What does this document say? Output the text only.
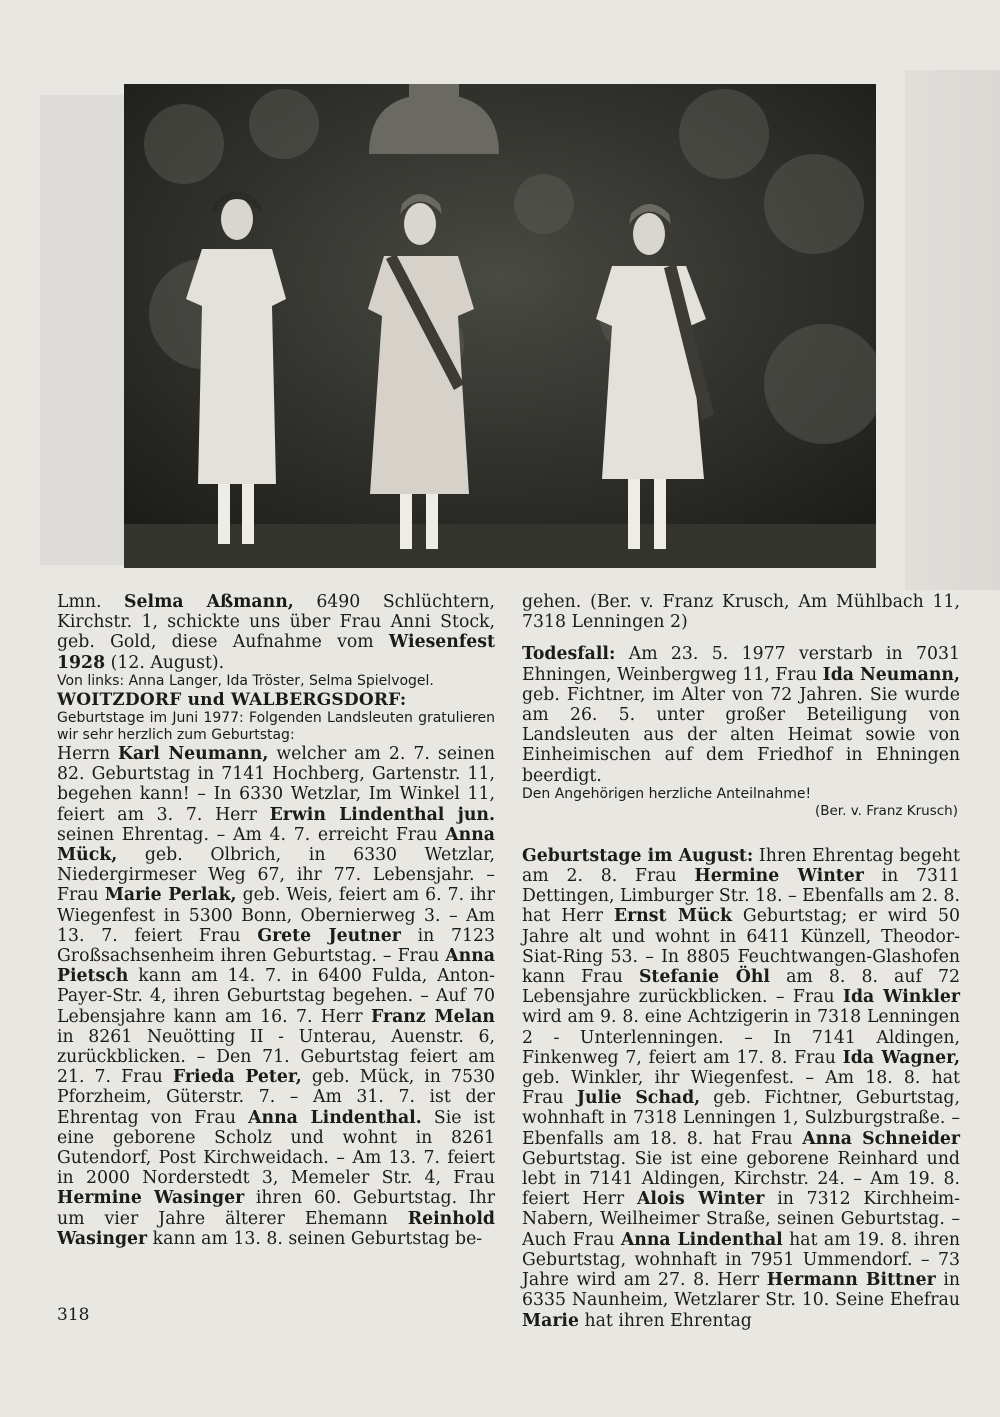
Lmn. Selma Aßmann, 6490 Schlüchtern, Kirchstr. 1, schickte uns über Frau Anni Stock, geb. Gold, diese Aufnahme vom Wiesenfest 1928 (12. August).

Von links: Anna Langer, Ida Tröster, Selma Spielvogel.

WOITZDORF und WALBERGSDORF:

Geburtstage im Juni 1977: Folgenden Landsleuten gratulieren wir sehr herzlich zum Geburtstag:

Herrn Karl Neumann, welcher am 2. 7. seinen 82. Geburtstag in 7141 Hochberg, Gartenstr. 11, begehen kann! – In 6330 Wetzlar, Im Winkel 11, feiert am 3. 7. Herr Erwin Lindenthal jun. seinen Ehrentag. – Am 4. 7. erreicht Frau Anna Mück, geb. Olbrich, in 6330 Wetzlar, Niedergirmeser Weg 67, ihr 77. Lebensjahr. – Frau Marie Perlak, geb. Weis, feiert am 6. 7. ihr Wiegenfest in 5300 Bonn, Obernierweg 3. – Am 13. 7. feiert Frau Grete Jeutner in 7123 Großsachsenheim ihren Geburtstag. – Frau Anna Pietsch kann am 14. 7. in 6400 Fulda, Anton-Payer-Str. 4, ihren Geburtstag begehen. – Auf 70 Lebensjahre kann am 16. 7. Herr Franz Melan in 8261 Neuötting II - Unterau, Auenstr. 6, zurückblicken. – Den 71. Geburtstag feiert am 21. 7. Frau Frieda Peter, geb. Mück, in 7530 Pforzheim, Güterstr. 7. – Am 31. 7. ist der Ehrentag von Frau Anna Lindenthal. Sie ist eine geborene Scholz und wohnt in 8261 Gutendorf, Post Kirchweidach. – Am 13. 7. feiert in 2000 Norderstedt 3, Memeler Str. 4, Frau Hermine Wasinger ihren 60. Geburtstag. Ihr um vier Jahre älterer Ehemann Reinhold Wasinger kann am 13. 8. seinen Geburtstag be-

gehen. (Ber. v. Franz Krusch, Am Mühlbach 11, 7318 Lenningen 2)

Todesfall: Am 23. 5. 1977 verstarb in 7031 Ehningen, Weinbergweg 11, Frau Ida Neumann, geb. Fichtner, im Alter von 72 Jahren. Sie wurde am 26. 5. unter großer Beteiligung von Landsleuten aus der alten Heimat sowie von Einheimischen auf dem Friedhof in Ehningen beerdigt.

Den Angehörigen herzliche Anteilnahme!

(Ber. v. Franz Krusch)

Geburtstage im August: Ihren Ehrentag begeht am 2. 8. Frau Hermine Winter in 7311 Dettingen, Limburger Str. 18. – Ebenfalls am 2. 8. hat Herr Ernst Mück Geburtstag; er wird 50 Jahre alt und wohnt in 6411 Künzell, Theodor-Siat-Ring 53. – In 8805 Feuchtwangen-Glashofen kann Frau Stefanie Öhl am 8. 8. auf 72 Lebensjahre zurückblicken. – Frau Ida Winkler wird am 9. 8. eine Achtzigerin in 7318 Lenningen 2 - Unterlenningen. – In 7141 Aldingen, Finkenweg 7, feiert am 17. 8. Frau Ida Wagner, geb. Winkler, ihr Wiegenfest. – Am 18. 8. hat Frau Julie Schad, geb. Fichtner, Geburtstag, wohnhaft in 7318 Lenningen 1, Sulzburgstraße. – Ebenfalls am 18. 8. hat Frau Anna Schneider Geburtstag. Sie ist eine geborene Reinhard und lebt in 7141 Aldingen, Kirchstr. 24. – Am 19. 8. feiert Herr Alois Winter in 7312 Kirchheim-Nabern, Weilheimer Straße, seinen Geburtstag. – Auch Frau Anna Lindenthal hat am 19. 8. ihren Geburtstag, wohnhaft in 7951 Ummendorf. – 73 Jahre wird am 27. 8. Herr Hermann Bittner in 6335 Naunheim, Wetzlarer Str. 10. Seine Ehefrau Marie hat ihren Ehrentag

318
